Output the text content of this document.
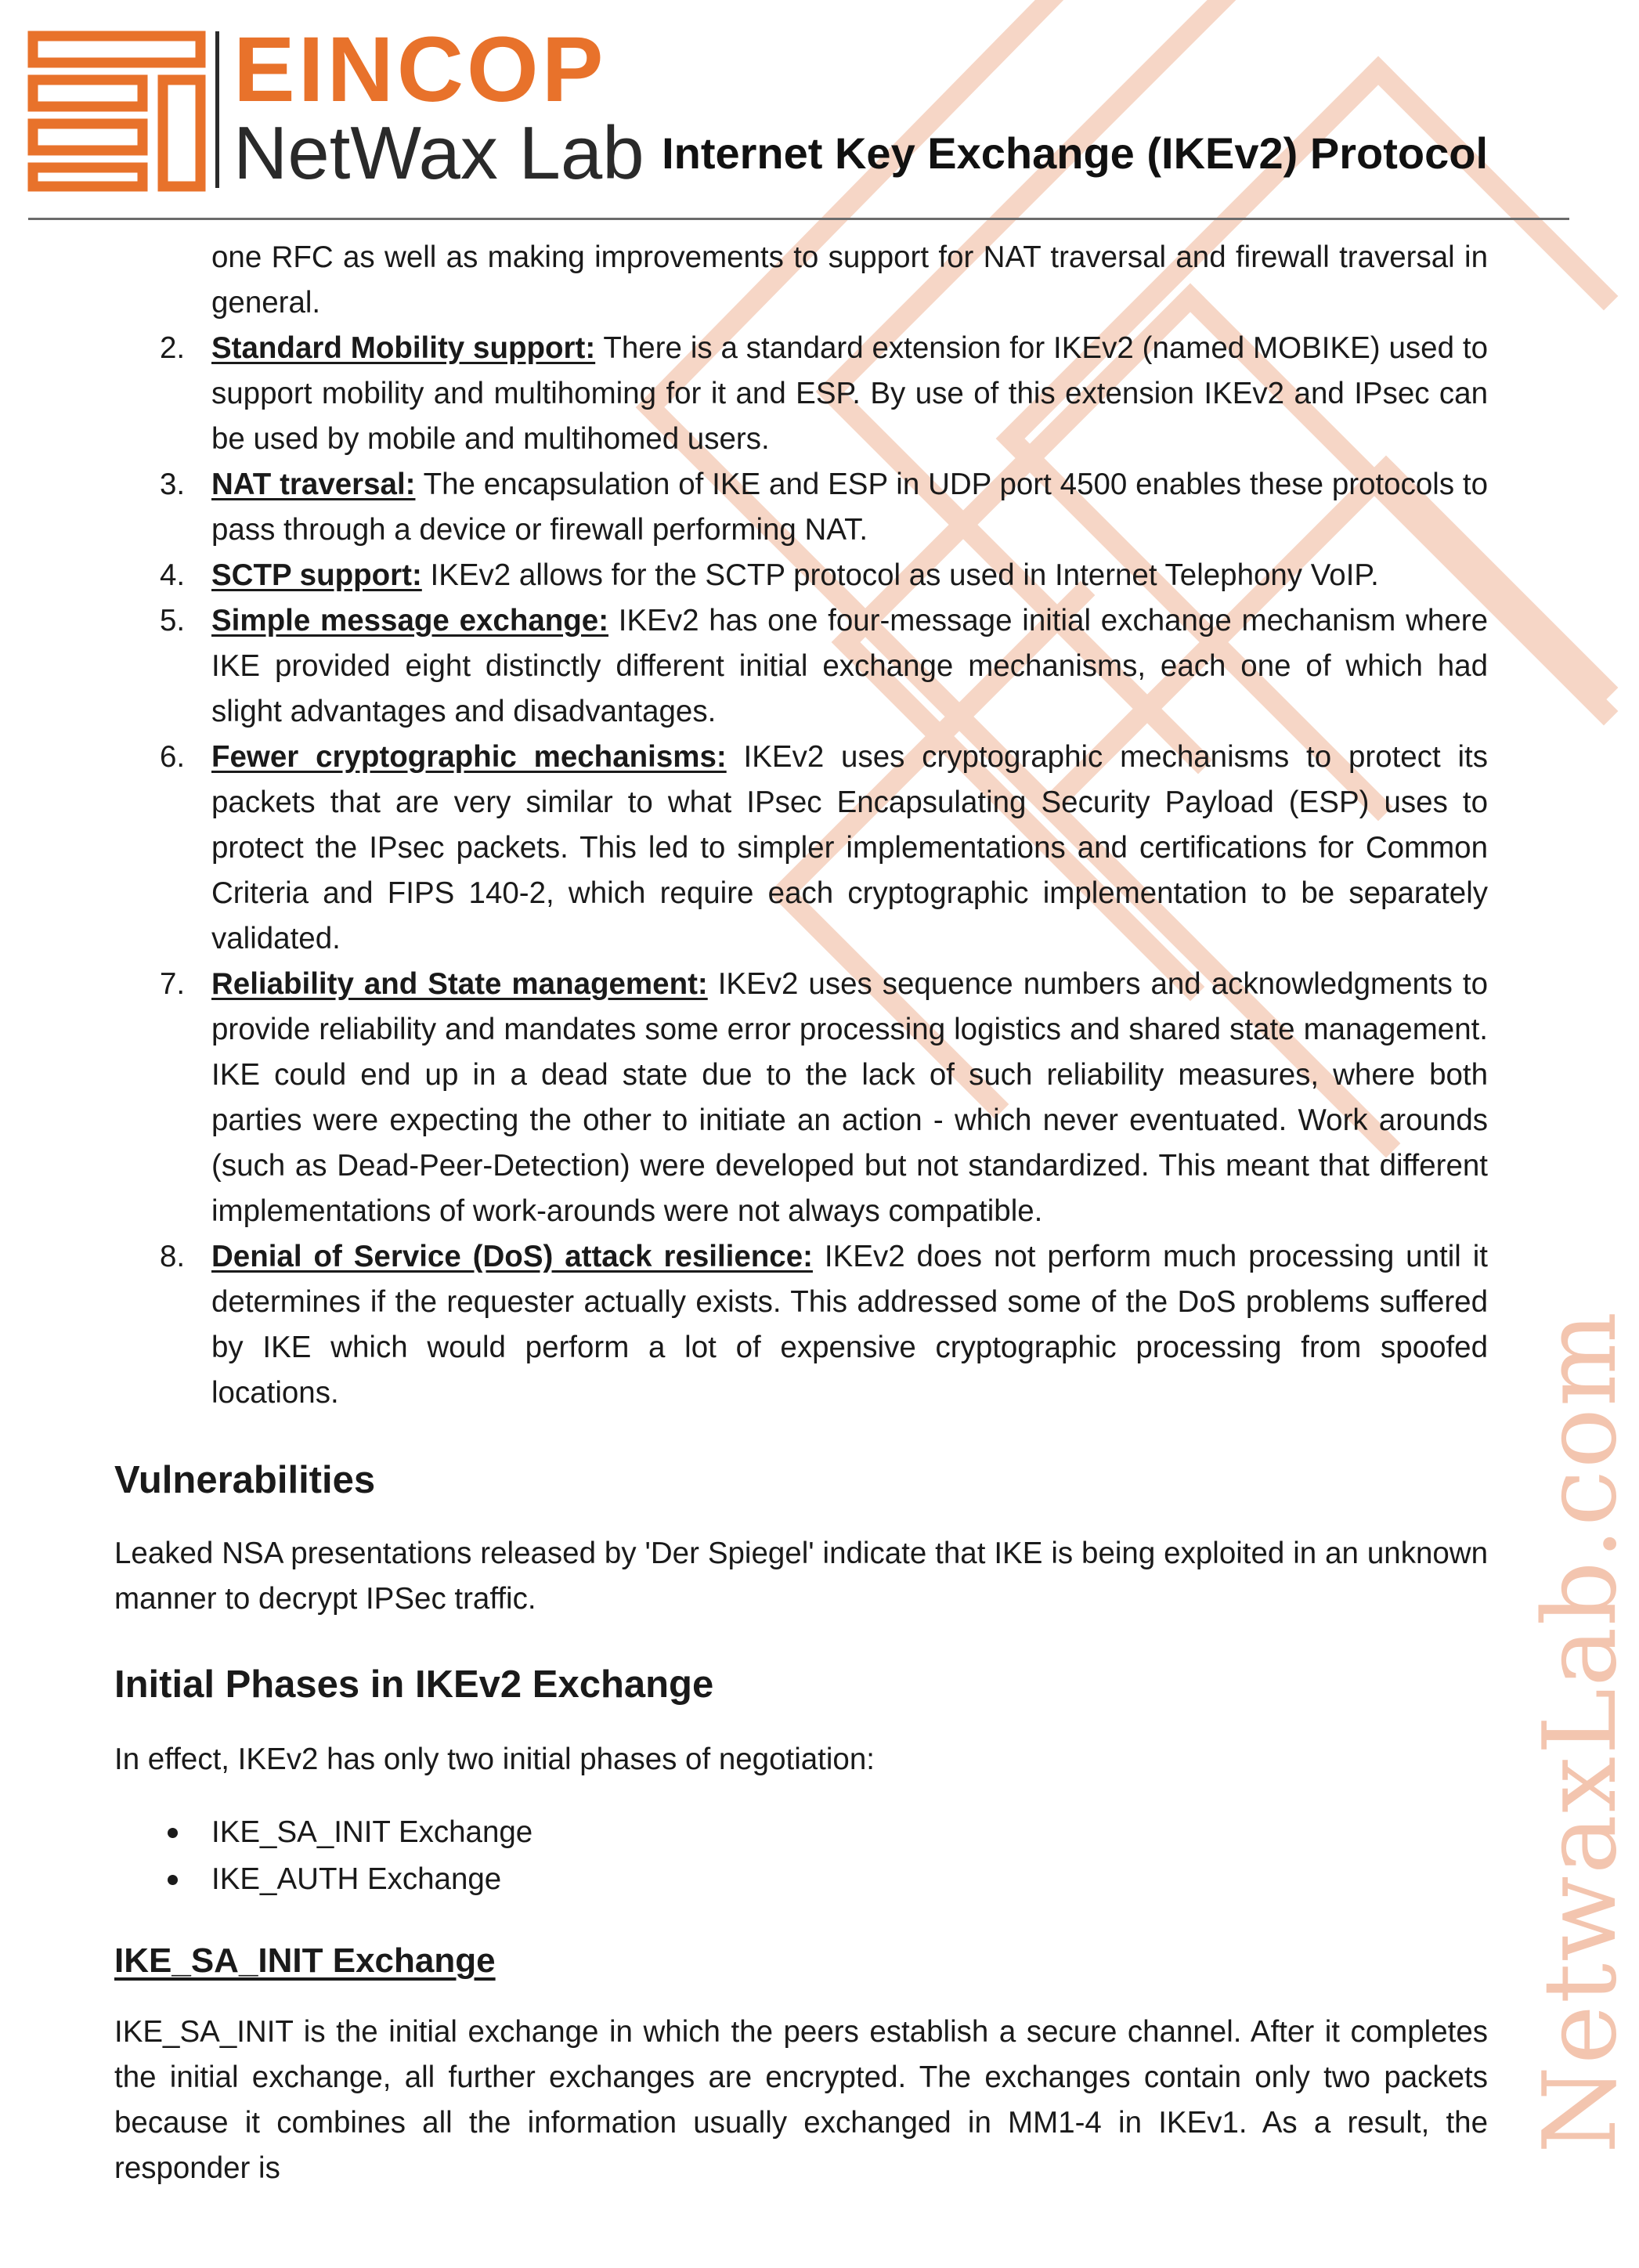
EINCOP
NetWax Lab Internet Key Exchange (IKEv2) Protocol

one RFC as well as making improvements to support for NAT traversal and firewall traversal in general.

2. Standard Mobility support: There is a standard extension for IKEv2 (named MOBIKE) used to support mobility and multihoming for it and ESP. By use of this extension IKEv2 and IPsec can be used by mobile and multihomed users.
3. NAT traversal: The encapsulation of IKE and ESP in UDP port 4500 enables these protocols to pass through a device or firewall performing NAT.
4. SCTP support: IKEv2 allows for the SCTP protocol as used in Internet Telephony VoIP.
5. Simple message exchange: IKEv2 has one four-message initial exchange mechanism where IKE provided eight distinctly different initial exchange mechanisms, each one of which had slight advantages and disadvantages.
6. Fewer cryptographic mechanisms: IKEv2 uses cryptographic mechanisms to protect its packets that are very similar to what IPsec Encapsulating Security Payload (ESP) uses to protect the IPsec packets. This led to simpler implementations and certifications for Common Criteria and FIPS 140-2, which require each cryptographic implementation to be separately validated.
7. Reliability and State management: IKEv2 uses sequence numbers and acknowledgments to provide reliability and mandates some error processing logistics and shared state management. IKE could end up in a dead state due to the lack of such reliability measures, where both parties were expecting the other to initiate an action - which never eventuated. Work arounds (such as Dead-Peer-Detection) were developed but not standardized. This meant that different implementations of work-arounds were not always compatible.
8. Denial of Service (DoS) attack resilience: IKEv2 does not perform much processing until it determines if the requester actually exists. This addressed some of the DoS problems suffered by IKE which would perform a lot of expensive cryptographic processing from spoofed locations.
Vulnerabilities

Leaked NSA presentations released by 'Der Spiegel' indicate that IKE is being exploited in an unknown manner to decrypt IPSec traffic.

Initial Phases in IKEv2 Exchange

In effect, IKEv2 has only two initial phases of negotiation:

IKE_SA_INIT Exchange
IKE_AUTH Exchange
IKE_SA_INIT Exchange

IKE_SA_INIT is the initial exchange in which the peers establish a secure channel. After it completes the initial exchange, all further exchanges are encrypted. The exchanges contain only two packets because it combines all the information usually exchanged in MM1-4 in IKEv1. As a result, the responder is

NetwaxLab.com
